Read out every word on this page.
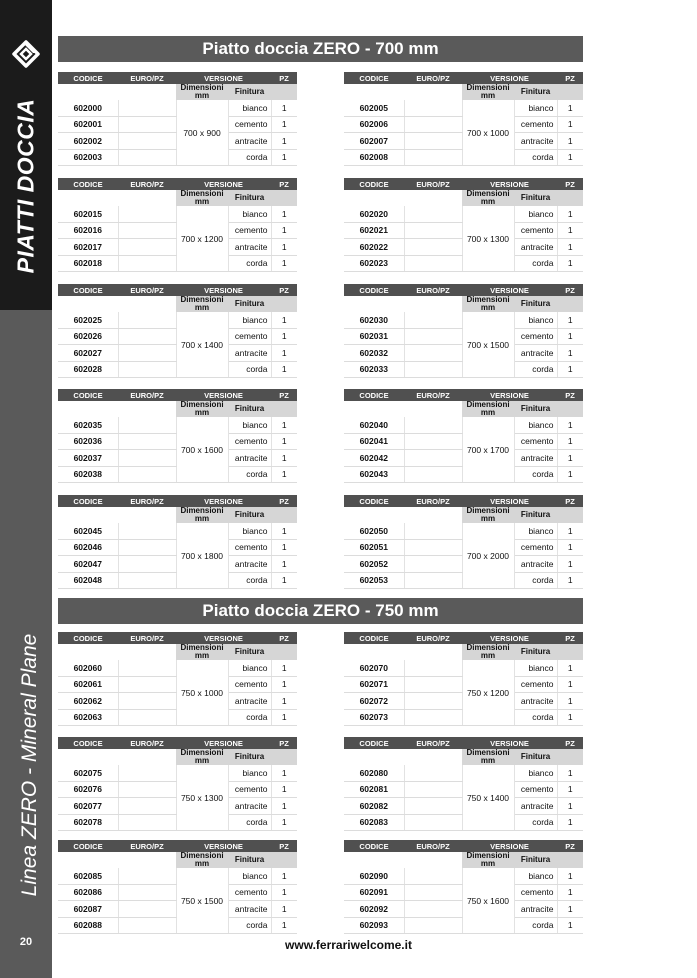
PIATTI DOCCIA
Linea ZERO - Mineral Plane
20
Piatto doccia ZERO - 700 mm
Piatto doccia ZERO - 750 mm
CODICE	EURO/PZ	VERSIONE		PZ
		Dimensioni mm	Finitura	
602000		700 x 900	bianco	1
602001			cemento	1
602002			antracite	1
602003			corda	1
CODICE	EURO/PZ	VERSIONE		PZ
		Dimensioni mm	Finitura	
602005		700 x 1000	bianco	1
602006			cemento	1
602007			antracite	1
602008			corda	1
CODICE	EURO/PZ	VERSIONE		PZ
		Dimensioni mm	Finitura	
602015		700 x 1200	bianco	1
602016			cemento	1
602017			antracite	1
602018			corda	1
CODICE	EURO/PZ	VERSIONE		PZ
		Dimensioni mm	Finitura	
602020		700 x 1300	bianco	1
602021			cemento	1
602022			antracite	1
602023			corda	1
CODICE	EURO/PZ	VERSIONE		PZ
		Dimensioni mm	Finitura	
602025		700 x 1400	bianco	1
602026			cemento	1
602027			antracite	1
602028			corda	1
CODICE	EURO/PZ	VERSIONE		PZ
		Dimensioni mm	Finitura	
602030		700 x 1500	bianco	1
602031			cemento	1
602032			antracite	1
602033			corda	1
CODICE	EURO/PZ	VERSIONE		PZ
		Dimensioni mm	Finitura	
602035		700 x 1600	bianco	1
602036			cemento	1
602037			antracite	1
602038			corda	1
CODICE	EURO/PZ	VERSIONE		PZ
		Dimensioni mm	Finitura	
602040		700 x 1700	bianco	1
602041			cemento	1
602042			antracite	1
602043			corda	1
CODICE	EURO/PZ	VERSIONE		PZ
		Dimensioni mm	Finitura	
602045		700 x 1800	bianco	1
602046			cemento	1
602047			antracite	1
602048			corda	1
CODICE	EURO/PZ	VERSIONE		PZ
		Dimensioni mm	Finitura	
602050		700 x 2000	bianco	1
602051			cemento	1
602052			antracite	1
602053			corda	1
CODICE	EURO/PZ	VERSIONE		PZ
		Dimensioni mm	Finitura	
602060		750 x 1000	bianco	1
602061			cemento	1
602062			antracite	1
602063			corda	1
CODICE	EURO/PZ	VERSIONE		PZ
		Dimensioni mm	Finitura	
602070		750 x 1200	bianco	1
602071			cemento	1
602072			antracite	1
602073			corda	1
CODICE	EURO/PZ	VERSIONE		PZ
		Dimensioni mm	Finitura	
602075		750 x 1300	bianco	1
602076			cemento	1
602077			antracite	1
602078			corda	1
CODICE	EURO/PZ	VERSIONE		PZ
		Dimensioni mm	Finitura	
602080		750 x 1400	bianco	1
602081			cemento	1
602082			antracite	1
602083			corda	1
CODICE	EURO/PZ	VERSIONE		PZ
		Dimensioni mm	Finitura	
602085		750 x 1500	bianco	1
602086			cemento	1
602087			antracite	1
602088			corda	1
CODICE	EURO/PZ	VERSIONE		PZ
		Dimensioni mm	Finitura	
602090		750 x 1600	bianco	1
602091			cemento	1
602092			antracite	1
602093			corda	1
www.ferrariwelcome.it
